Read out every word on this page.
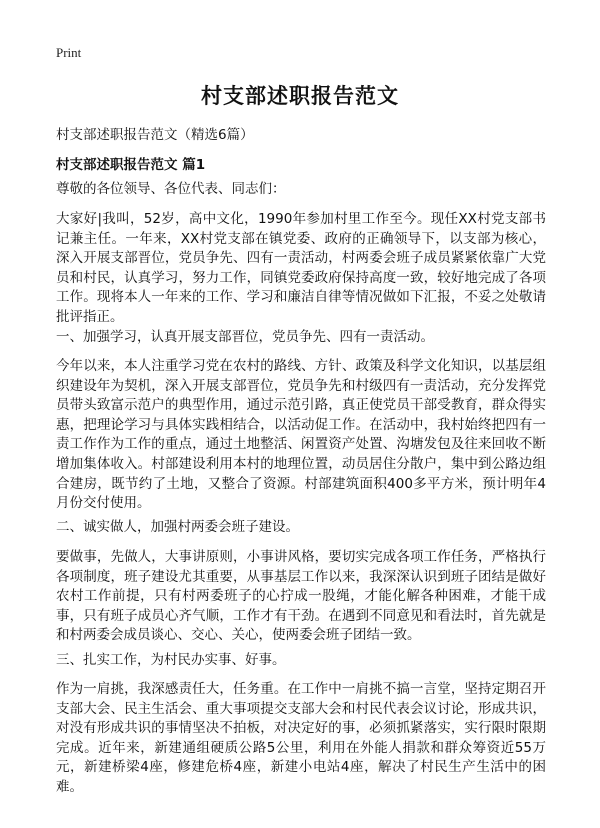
Print
村支部述职报告范文

村支部述职报告范文（精选6篇）

村支部述职报告范文 篇1

尊敬的各位领导、各位代表、同志们：

大家好|我叫，52岁，高中文化，1990年参加村里工作至今。现任XX村党支部书记兼主任。一年来，XX村党支部在镇党委、政府的正确领导下，以支部为核心，深入开展支部晋位，党员争先、四有一责活动，村两委会班子成员紧紧依靠广大党员和村民，认真学习，努力工作，同镇党委政府保持高度一致，较好地完成了各项工作。现将本人一年来的工作、学习和廉洁自律等情况做如下汇报，不妥之处敬请批评指正。

一、加强学习，认真开展支部晋位，党员争先、四有一责活动。

今年以来，本人注重学习党在农村的路线、方针、政策及科学文化知识，以基层组织建设年为契机，深入开展支部晋位，党员争先和村级四有一责活动，充分发挥党员带头致富示范户的典型作用，通过示范引路，真正使党员干部受教育，群众得实惠，把理论学习与具体实践相结合，以活动促工作。在活动中，我村始终把四有一责工作作为工作的重点，通过土地整活、闲置资产处置、沟塘发包及往来回收不断增加集体收入。村部建设利用本村的地理位置，动员居住分散户，集中到公路边组合建房，既节约了土地，又整合了资源。村部建筑面积400多平方米，预计明年4月份交付使用。

二、诚实做人，加强村两委会班子建设。

要做事，先做人，大事讲原则，小事讲风格，要切实完成各项工作任务，严格执行各项制度，班子建设尤其重要，从事基层工作以来，我深深认识到班子团结是做好农村工作前提，只有村两委班子的心拧成一股绳，才能化解各种困难，才能干成事，只有班子成员心齐气顺，工作才有干劲。在遇到不同意见和看法时，首先就是和村两委会成员谈心、交心、关心，使两委会班子团结一致。

三、扎实工作，为村民办实事、好事。

作为一肩挑，我深感责任大，任务重。在工作中一肩挑不搞一言堂，坚持定期召开支部大会、民主生活会、重大事项提交支部大会和村民代表会议讨论，形成共识，对没有形成共识的事情坚决不拍板，对决定好的事，必须抓紧落实，实行限时限期完成。近年来，新建通组硬质公路5公里，利用在外能人捐款和群众筹资近55万元，新建桥梁4座，修建危桥4座，新建小电站4座，解决了村民生产生活中的困难。
